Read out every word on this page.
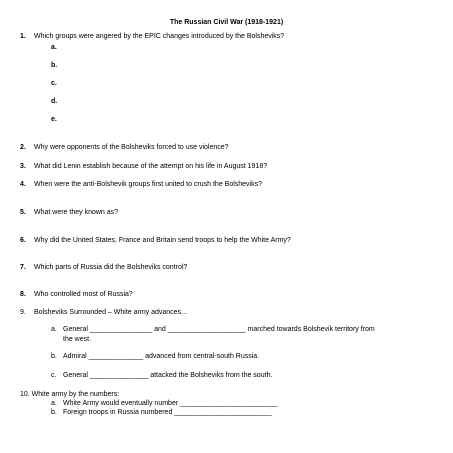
The Russian Civil War (1918-1921)
1. Which groups were angered by the EPIC changes introduced by the Bolsheviks?
a.
b.
c.
d.
e.
2. Why were opponents of the Bolsheviks forced to use violence?
3. What did Lenin establish because of the attempt on his life in August 1918?
4. When were the anti-Bolshevik groups first united to crush the Bolsheviks?
5. What were they known as?
6. Why did the United States, France and Britain send troops to help the White Army?
7. Which parts of Russia did the Bolsheviks control?
8. Who controlled most of Russia?
9. Bolsheviks Surrounded – White army advances…
a. General ________________ and ____________________ marched towards Bolshevik territory from
the west.
b. Admiral ______________ advanced from central-south Russia.
c. General _______________ attacked the Bolsheviks from the south.
10. White army by the numbers:
a. White Army would eventually number _________________________
b. Foreign troops in Russia numbered _________________________
